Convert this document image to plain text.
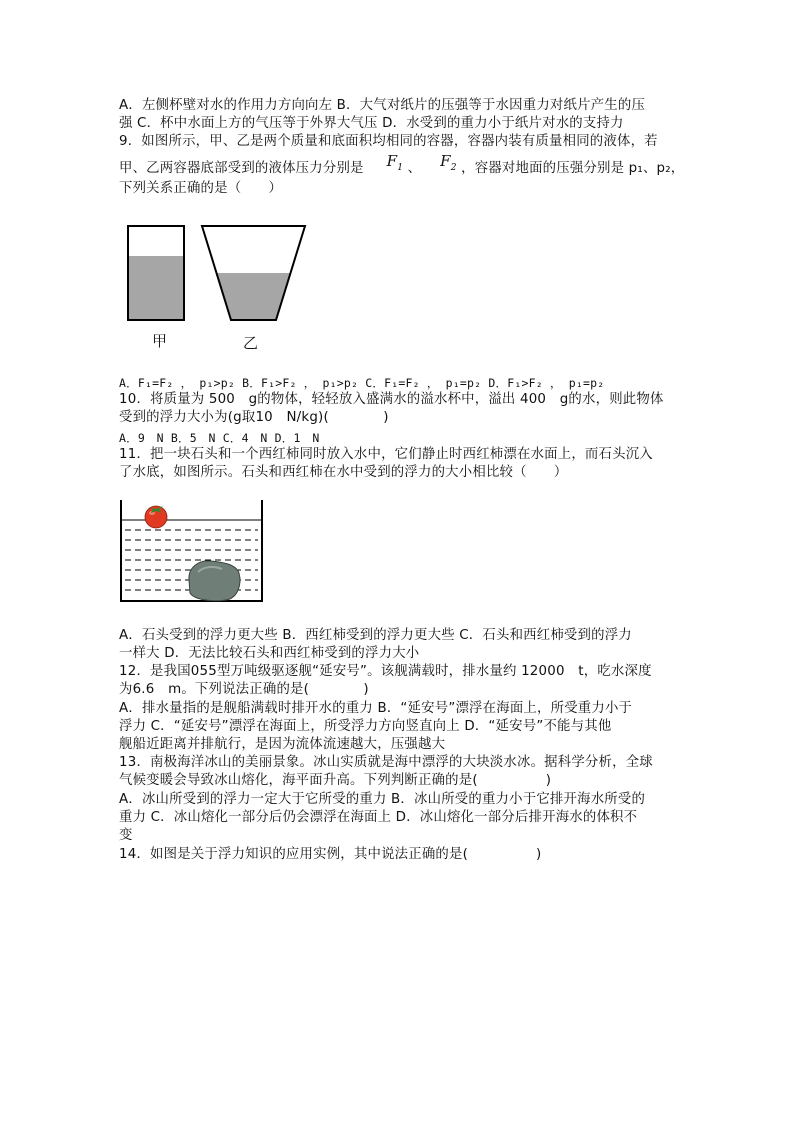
A．左侧杯壁对水的作用力方向向左 B．大气对纸片的压强等于水因重力对纸片产生的压
强 C．杯中水面上方的气压等于外界大气压 D．水受到的重力小于纸片对水的支持力
9．如图所示，甲、乙是两个质量和底面积均相同的容器，容器内装有质量相同的液体，若
甲、乙两容器底部受到的液体压力分别是 $F_1$ 、 $F_2$ ，容器对地面的压强分别是 p₁、p₂，
下列关系正确的是（　　）
甲	乙
A．F₁=F₂ ， p₁>p₂ B．F₁>F₂ ， p₁>p₂ C．F₁=F₂ ， p₁=p₂ D．F₁>F₂ ， p₁=p₂
10．将质量为 500　g的物体，轻轻放入盛满水的溢水杯中，溢出 400　g的水，则此物体
受到的浮力大小为(g取10　N/kg)(　　　　)
A．9　N B．5　N C．4　N D．1　N
11．把一块石头和一个西红柿同时放入水中，它们静止时西红柿漂在水面上，而石头沉入
了水底，如图所示。石头和西红柿在水中受到的浮力的大小相比较（　　）
A．石头受到的浮力更大些 B．西红柿受到的浮力更大些 C．石头和西红柿受到的浮力
一样大 D．无法比较石头和西红柿受到的浮力大小
12．是我国055型万吨级驱逐舰“延安号”。该舰满载时，排水量约 12000　t，吃水深度
为6.6　m。下列说法正确的是(　　　　)
A．排水量指的是舰船满载时排开水的重力 B．“延安号”漂浮在海面上，所受重力小于
浮力 C．“延安号”漂浮在海面上，所受浮力方向竖直向上 D．“延安号”不能与其他
舰船近距离并排航行，是因为流体流速越大，压强越大
13．南极海洋冰山的美丽景象。冰山实质就是海中漂浮的大块淡水冰。据科学分析，全球
气候变暖会导致冰山熔化，海平面升高。下列判断正确的是(　　　　　)
A．冰山所受到的浮力一定大于它所受的重力 B．冰山所受的重力小于它排开海水所受的
重力 C．冰山熔化一部分后仍会漂浮在海面上 D．冰山熔化一部分后排开海水的体积不
变
14．如图是关于浮力知识的应用实例，其中说法正确的是(　　　　　)
